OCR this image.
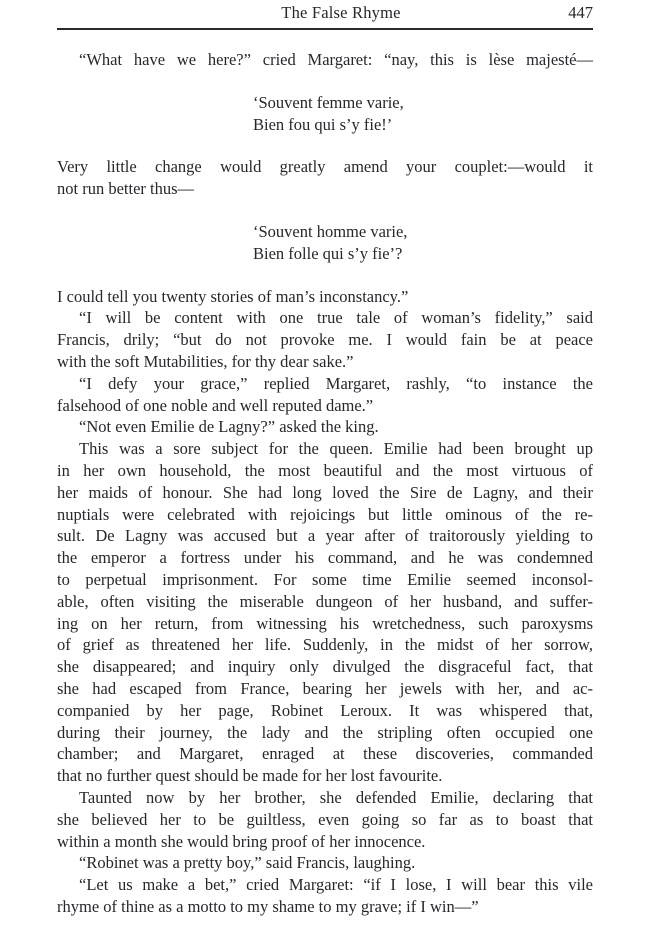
The False Rhyme	447
“What have we here?” cried Margaret: “nay, this is lèse majesté—
‘Souvent femme varie,
Bien fou qui s’y fie!’
Very little change would greatly amend your couplet:—would it
not run better thus—
‘Souvent homme varie,
Bien folle qui s’y fie’?
I could tell you twenty stories of man’s inconstancy.”
“I will be content with one true tale of woman’s fidelity,” said
Francis, drily; “but do not provoke me. I would fain be at peace
with the soft Mutabilities, for thy dear sake.”
“I defy your grace,” replied Margaret, rashly, “to instance the
falsehood of one noble and well reputed dame.”
“Not even Emilie de Lagny?” asked the king.
This was a sore subject for the queen. Emilie had been brought up
in her own household, the most beautiful and the most virtuous of
her maids of honour. She had long loved the Sire de Lagny, and their
nuptials were celebrated with rejoicings but little ominous of the re-
sult. De Lagny was accused but a year after of traitorously yielding to
the emperor a fortress under his command, and he was condemned
to perpetual imprisonment. For some time Emilie seemed inconsol-
able, often visiting the miserable dungeon of her husband, and suffer-
ing on her return, from witnessing his wretchedness, such paroxysms
of grief as threatened her life. Suddenly, in the midst of her sorrow,
she disappeared; and inquiry only divulged the disgraceful fact, that
she had escaped from France, bearing her jewels with her, and ac-
companied by her page, Robinet Leroux. It was whispered that,
during their journey, the lady and the stripling often occupied one
chamber; and Margaret, enraged at these discoveries, commanded
that no further quest should be made for her lost favourite.
Taunted now by her brother, she defended Emilie, declaring that
she believed her to be guiltless, even going so far as to boast that
within a month she would bring proof of her innocence.
“Robinet was a pretty boy,” said Francis, laughing.
“Let us make a bet,” cried Margaret: “if I lose, I will bear this vile
rhyme of thine as a motto to my shame to my grave; if I win—”
